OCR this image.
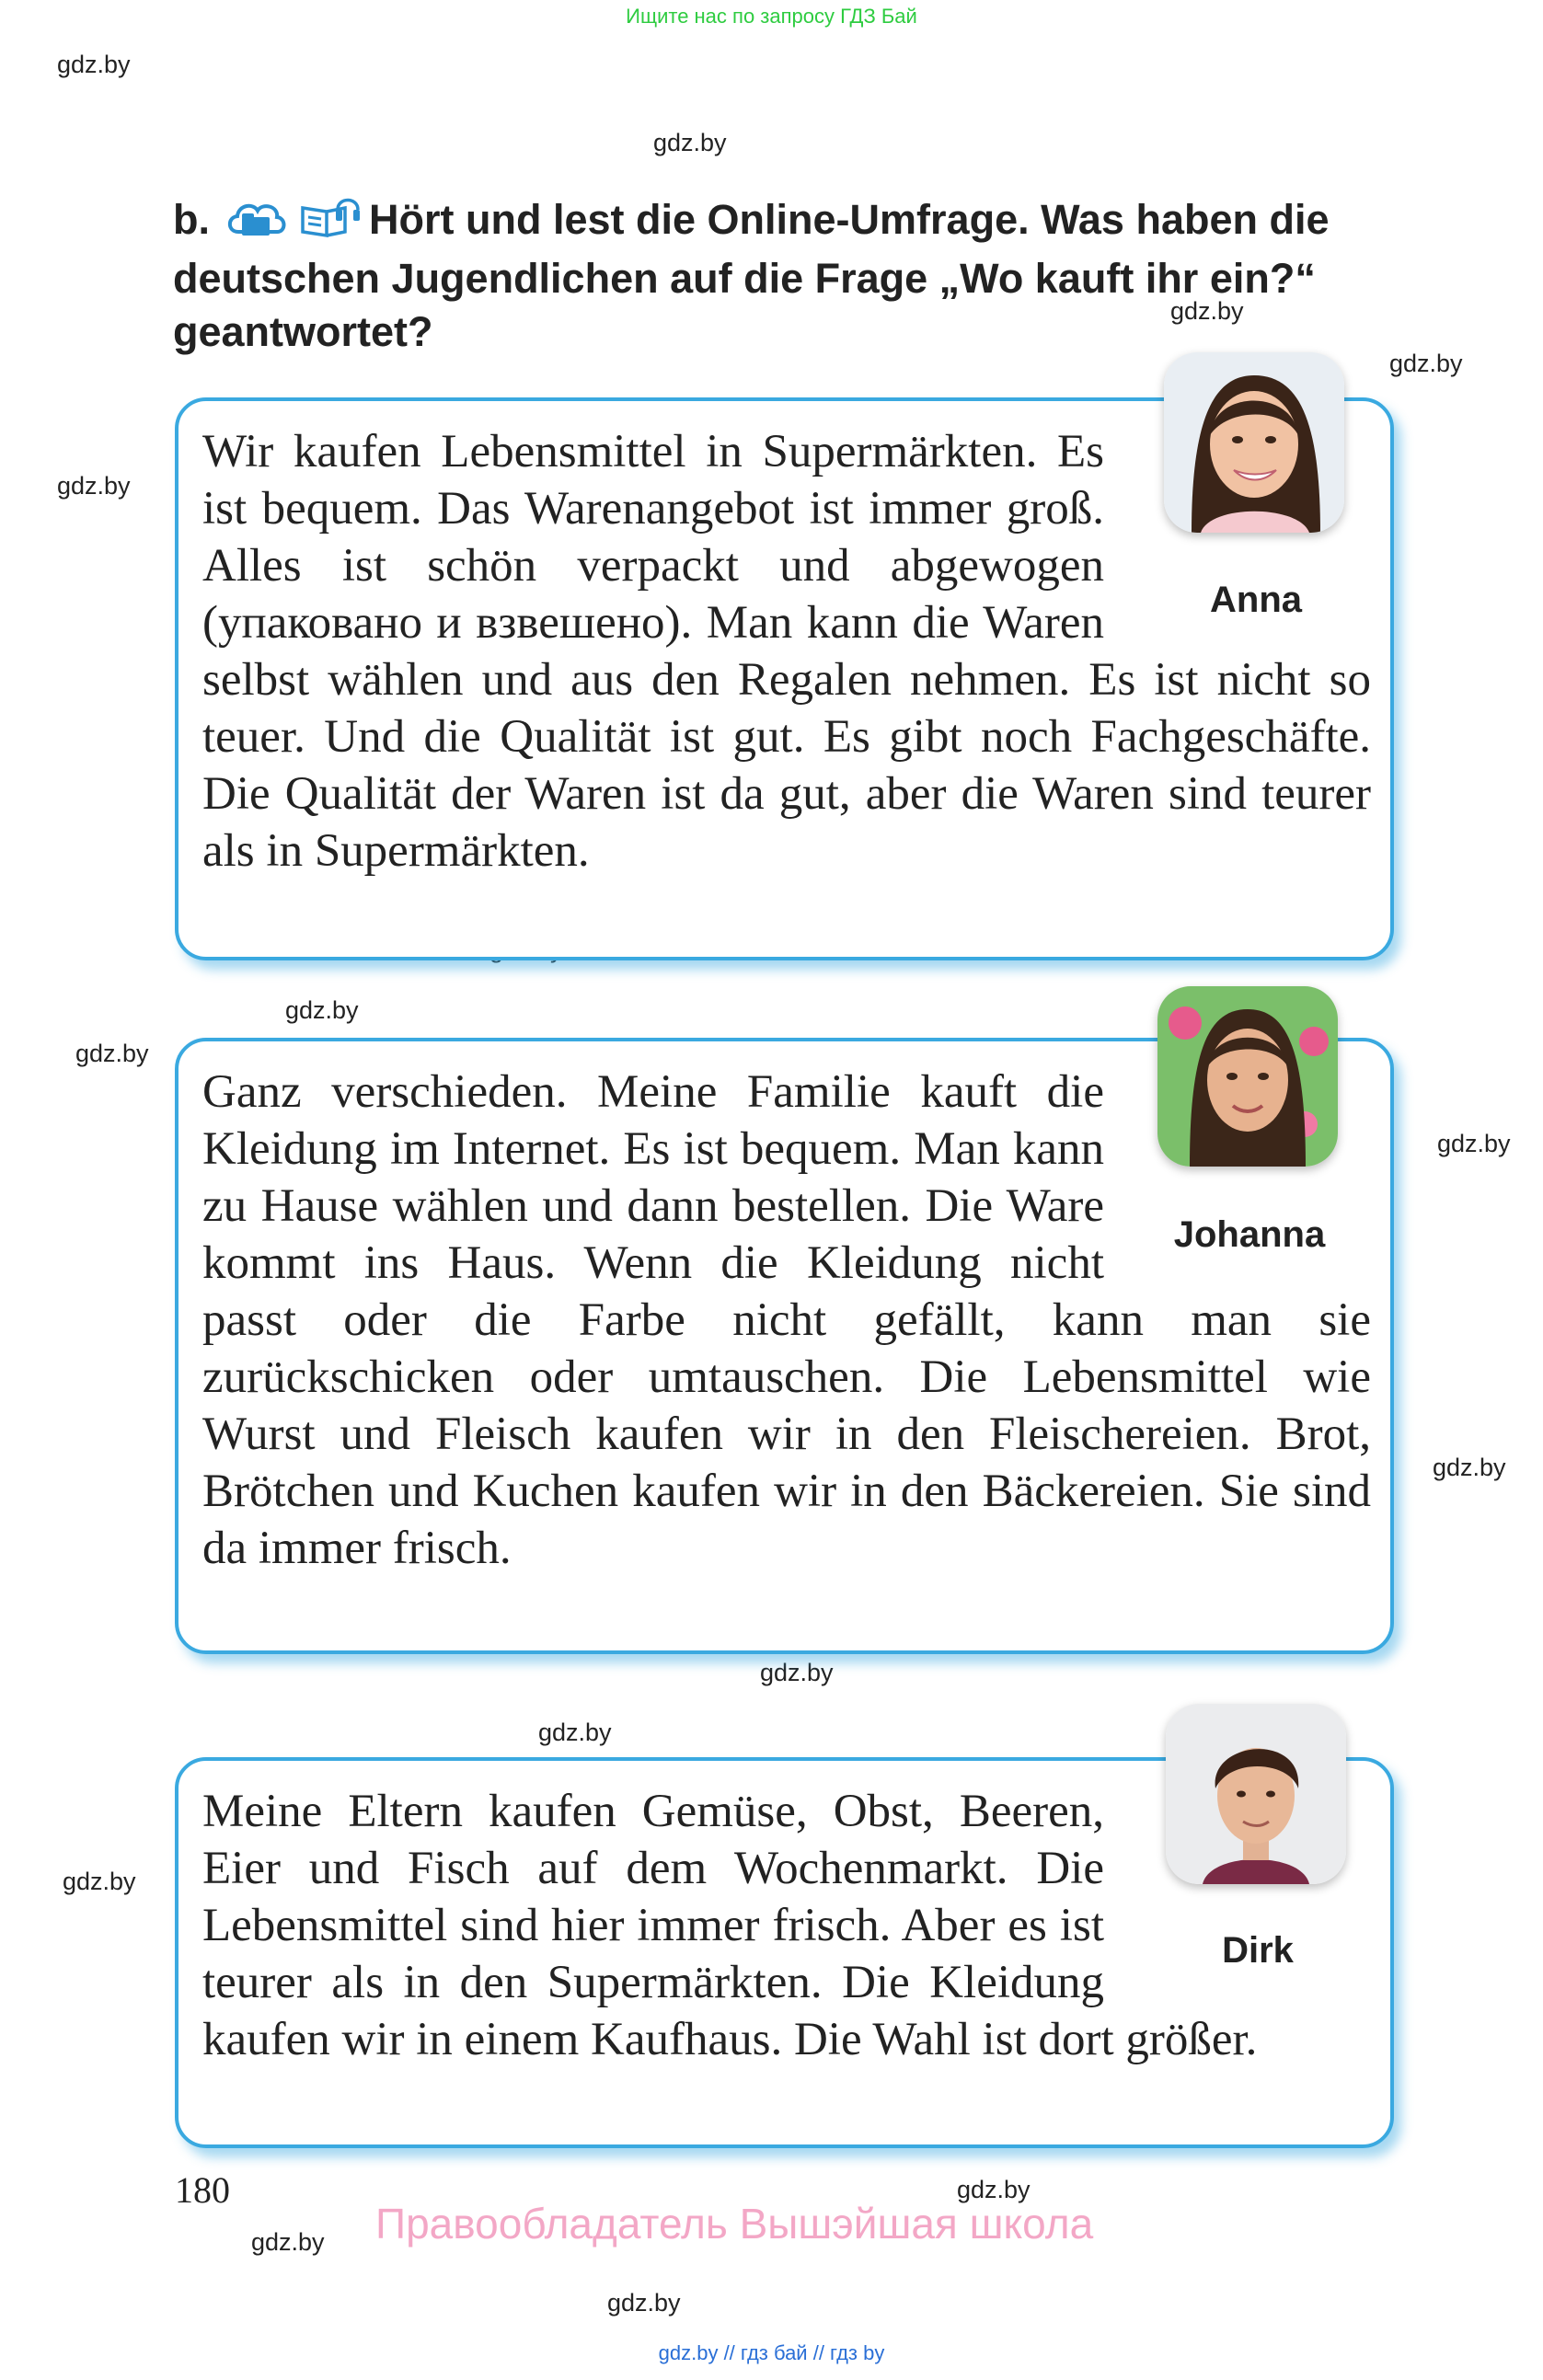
Ищите нас по запросу ГДЗ Бай
gdz.by
gdz.by
gdz.by
gdz.by
gdz.by
gdz.by
gdz.by
gdz.by
gdz.by
gdz.by
gdz.by
gdz.by
gdz.by
gdz.by
gdz.by
b.	Hört und lest die Online-Umfrage. Was haben die deutschen Jugendlichen auf die Frage „Wo kauft ihr ein?“ geantwortet?
Wir kaufen Lebensmittel in Supermärkten. Es ist bequem. Das Warenangebot ist immer groß. Alles ist schön verpackt und abgewogen (упаковано и взвешено). Man kann die Waren selbst wählen und aus den Regalen nehmen. Es ist nicht so teuer. Und die Qualität ist gut. Es gibt noch Fachgeschäfte. Die Qualität der Waren ist da gut, aber die Waren sind teurer als in Supermärkten.
Anna
Ganz verschieden. Meine Familie kauft die Kleidung im Internet. Es ist bequem. Man kann zu Hause wählen und dann bestellen. Die Ware kommt ins Haus. Wenn die Kleidung nicht passt oder die Farbe nicht gefällt, kann man sie zurückschicken oder umtauschen. Die Lebensmittel wie Wurst und Fleisch kaufen wir in den Fleischereien. Brot, Brötchen und Kuchen kaufen wir in den Bäckereien. Sie sind da immer frisch.
Johanna
Meine Eltern kaufen Gemüse, Obst, Beeren, Eier und Fisch auf dem Wochenmarkt. Die Lebensmittel sind hier immer frisch. Aber es ist teurer als in den Supermärkten. Die Kleidung kaufen wir in einem Kaufhaus. Die Wahl ist dort größer.
Dirk
180
Правообладатель Вышэйшая школа
gdz.by // гдз бай // гдз by
